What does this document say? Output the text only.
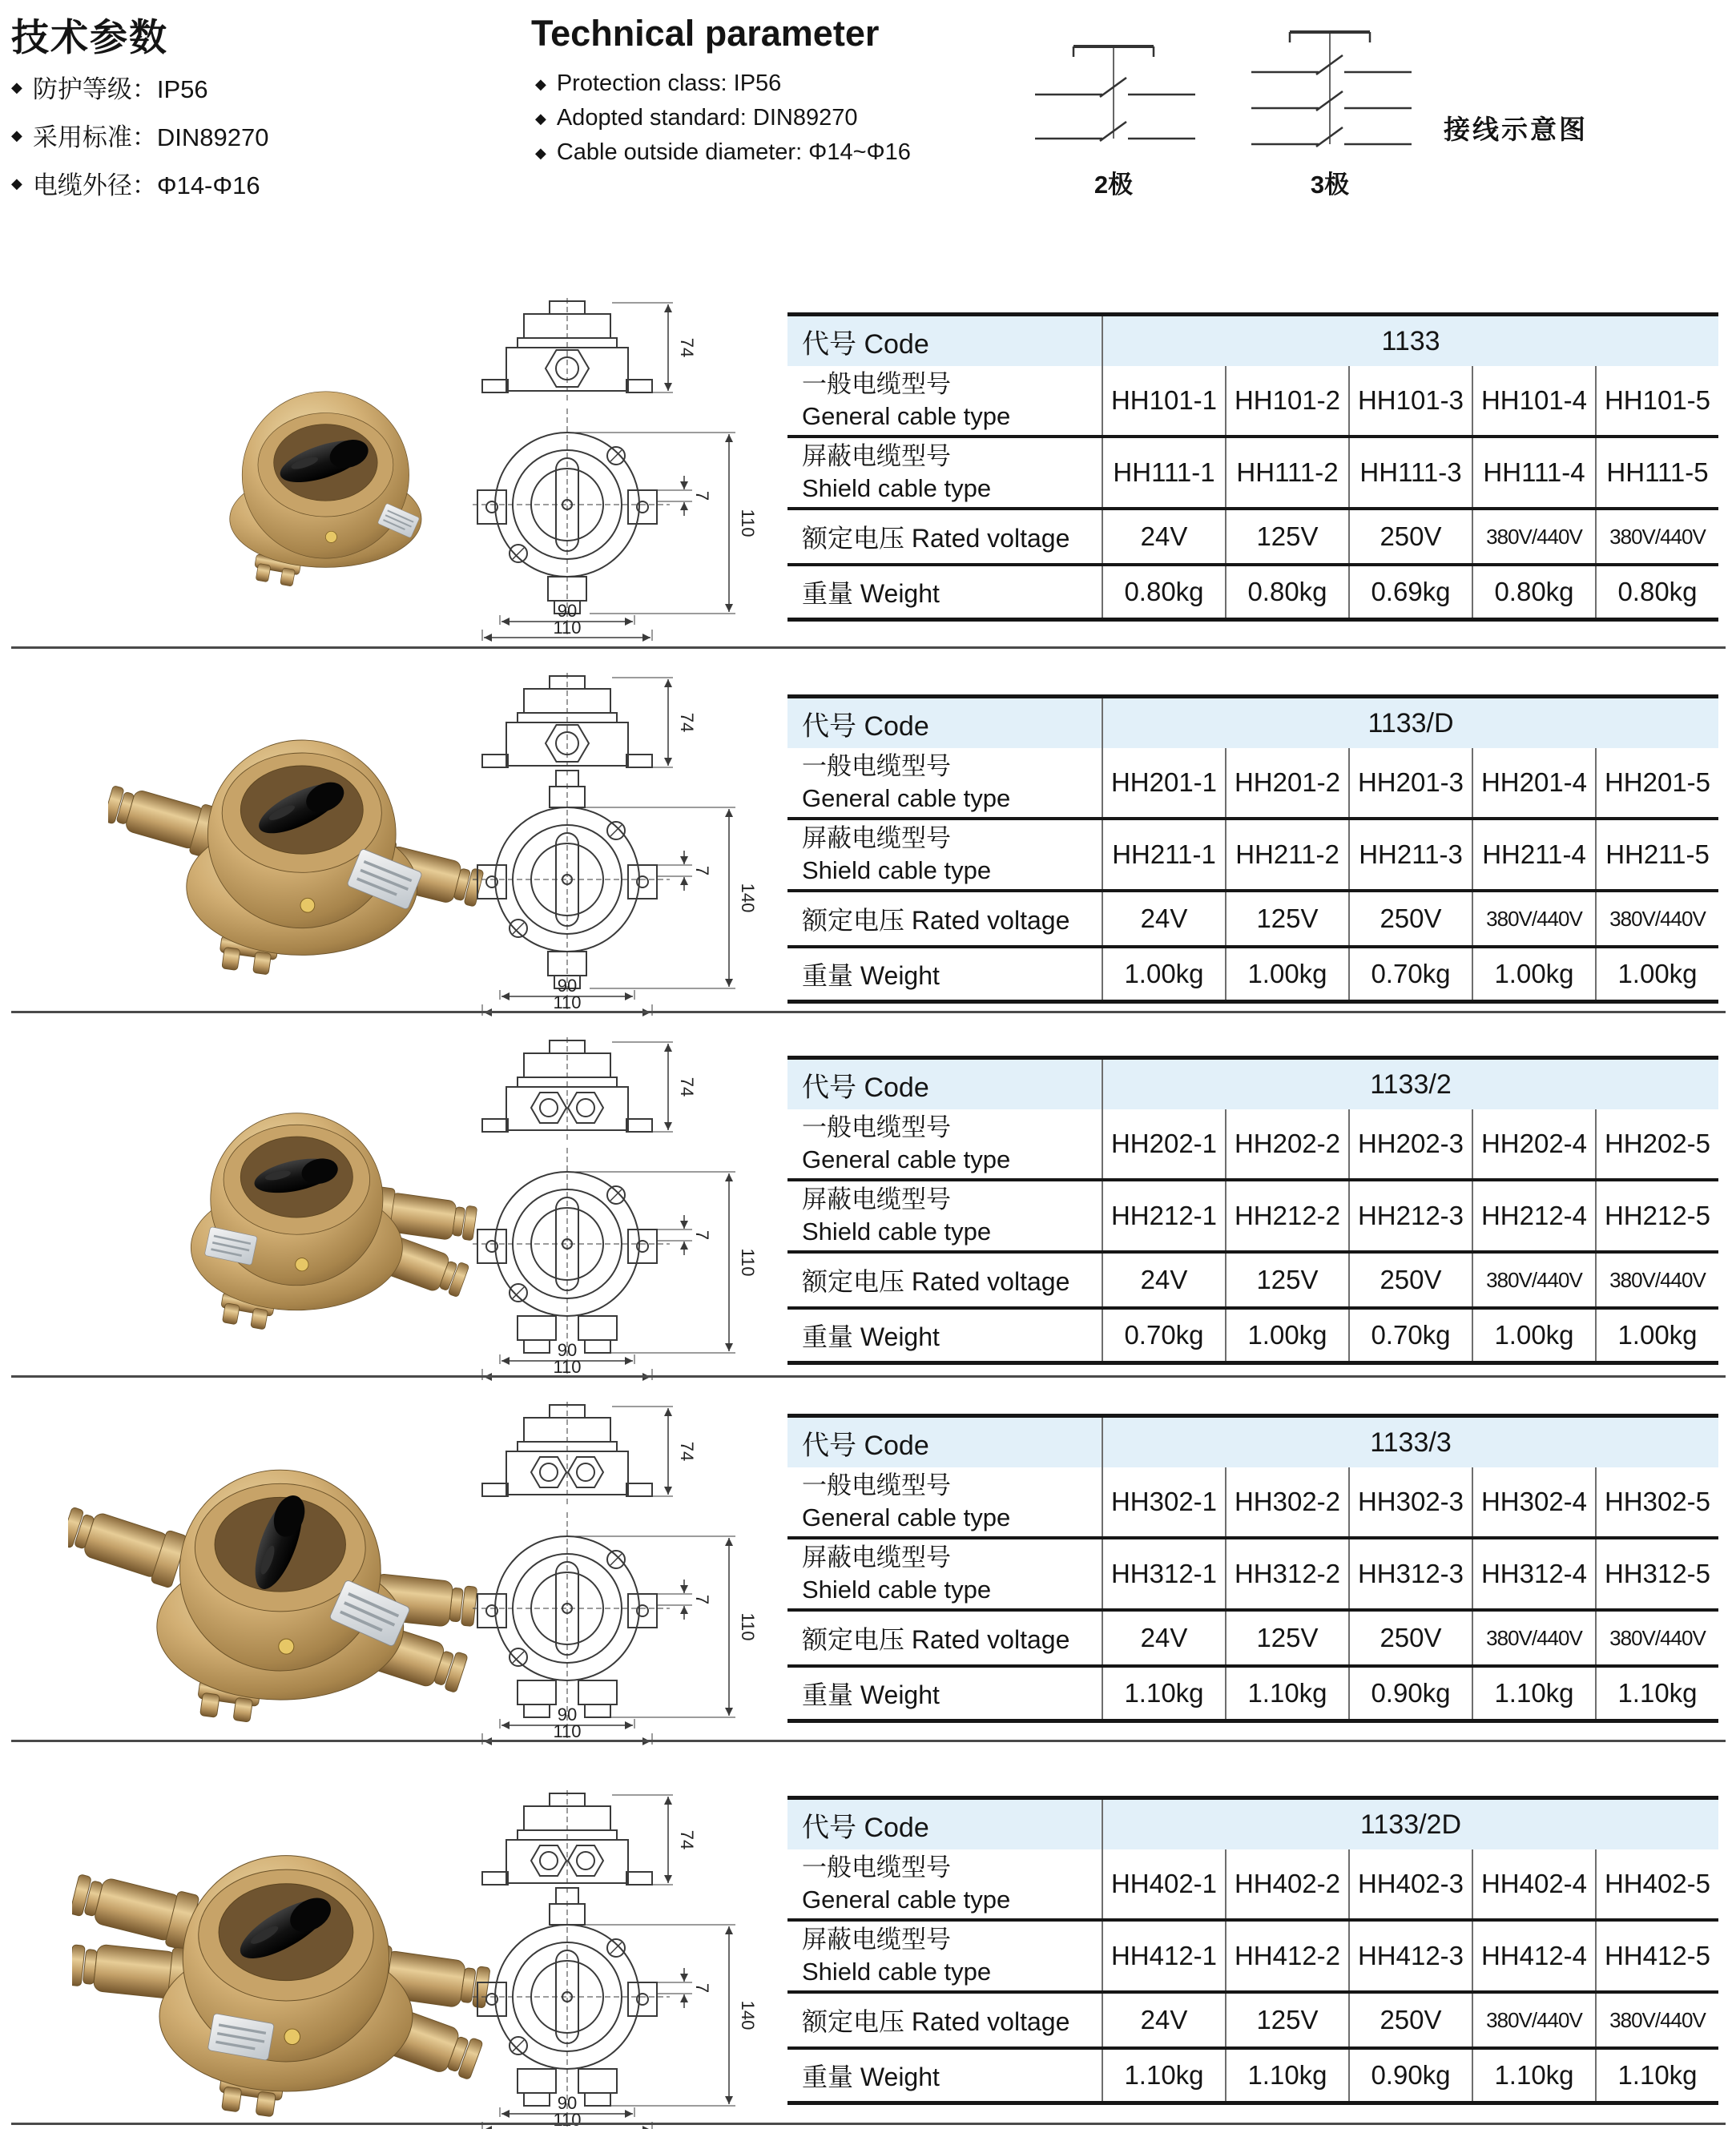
技术参数
◆ 防护等级：IP56
◆ 采用标准：DIN89270
◆ 电缆外径：Φ14-Φ16
Technical parameter
◆ Protection class: IP56
◆ Adopted standard: DIN89270
◆ Cable outside diameter: Φ14~Φ16
2极	3极
接线示意图
74
7
110
90
110
代号 Code	1133
一般电缆型号
General cable type
HH101-1 HH101-2 HH101-3 HH101-4 HH101-5
屏蔽电缆型号
Shield cable type
HH111-1 HH111-2 HH111-3 HH111-4 HH111-5
额定电压 Rated voltage	24V	125V	250V	380V/440V	380V/440V
重量 Weight	0.80kg	0.80kg	0.69kg	0.80kg	0.80kg
74
7
140
90
110
代号 Code	1133/D
一般电缆型号
General cable type
HH201-1 HH201-2 HH201-3 HH201-4 HH201-5
屏蔽电缆型号
Shield cable type
HH211-1 HH211-2 HH211-3 HH211-4 HH211-5
额定电压 Rated voltage	24V	125V	250V	380V/440V	380V/440V
重量 Weight	1.00kg	1.00kg	0.70kg	1.00kg	1.00kg
74
7
110
90
110
代号 Code	1133/2
一般电缆型号
General cable type
HH202-1 HH202-2 HH202-3 HH202-4 HH202-5
屏蔽电缆型号
Shield cable type
HH212-1 HH212-2 HH212-3 HH212-4 HH212-5
额定电压 Rated voltage	24V	125V	250V	380V/440V	380V/440V
重量 Weight	0.70kg	1.00kg	0.70kg	1.00kg	1.00kg
74
7
110
90
110
代号 Code	1133/3
一般电缆型号
General cable type
HH302-1 HH302-2 HH302-3 HH302-4 HH302-5
屏蔽电缆型号
Shield cable type
HH312-1 HH312-2 HH312-3 HH312-4 HH312-5
额定电压 Rated voltage	24V	125V	250V	380V/440V	380V/440V
重量 Weight	1.10kg	1.10kg	0.90kg	1.10kg	1.10kg
74
7
140
90
110
代号 Code	1133/2D
一般电缆型号
General cable type
HH402-1 HH402-2 HH402-3 HH402-4 HH402-5
屏蔽电缆型号
Shield cable type
HH412-1 HH412-2 HH412-3 HH412-4 HH412-5
额定电压 Rated voltage	24V	125V	250V	380V/440V	380V/440V
重量 Weight	1.10kg	1.10kg	0.90kg	1.10kg	1.10kg
